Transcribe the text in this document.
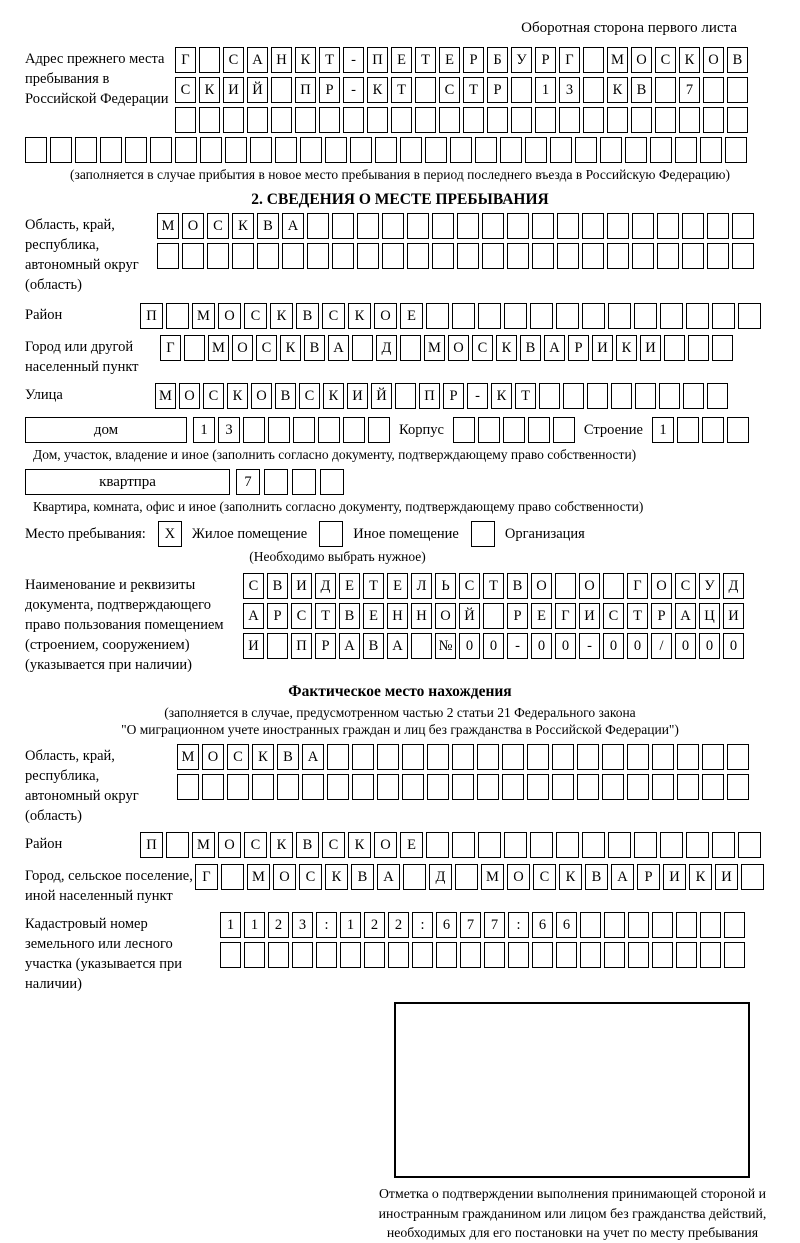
Оборотная сторона первого листа
Адрес прежнего места пребывания в Российской Федерации
Г	С А Н К	Т	-	П Е	Т	Е	Р	Б	У	Р	Г	М О С К О В
С К И Й	П	Р	-	К	Т	С	Т	Р	1	3	К В	7
(заполняется в случае прибытия в новое место пребывания в период последнего въезда в Российскую Федерацию)
2. СВЕДЕНИЯ О МЕСТЕ ПРЕБЫВАНИЯ
Область, край, республика, автономный округ (область)
М О	С	К	В	А
Район	П	М О	С	К	В	С	К	О	Е
Город или другой населенный пункт
Г	М О С К В А	Д	М О С К В А	Р	И К И
Улица	М О С К О В С К И Й	П	Р	-	К	Т
дом	1	3	Корпус	Строение	1
Дом, участок, владение и иное (заполнить согласно документу, подтверждающему право собственности)
квартпра	7
Квартира, комната, офис и иное (заполнить согласно документу, подтверждающему право собственности)
Место пребывания:	X	Жилое помещение	Иное помещение	Организация
(Необходимо выбрать нужное)
Наименование и реквизиты документа, подтверждающего право пользования помещением (строением, сооружением) (указывается при наличии)
С В И Д	Е	Т	Е	Л	Ь	С	Т	В О	О	Г	О С У Д
А	Р	С	Т	В	Е Н Н О Й	Р	Е	Г	И С	Т	Р	А Ц И
И	П	Р	А В А	№ 0	0	-	0	0	-	0	0	/	0	0	0
Фактическое место нахождения
(заполняется в случае, предусмотренном частью 2 статьи 21 Федерального закона
"О миграционном учете иностранных граждан и лиц без гражданства в Российской Федерации")
Область, край, республика, автономный округ (область)
М О	С	К	В	А
Район	П	М О	С	К	В	С	К	О	Е
Город, сельское поселение, иной населенный пункт
Г	М О	С	К	В	А	Д	М О	С	К	В	А	Р	И	К	И
Кадастровый номер земельного или лесного участка (указывается при наличии)
1	1	2	3	:	1	2	2	:	6	7	7	:	6	6
Отметка о подтверждении выполнения принимающей стороной и иностранным гражданином или лицом без гражданства действий, необходимых для его постановки на учет по месту пребывания
